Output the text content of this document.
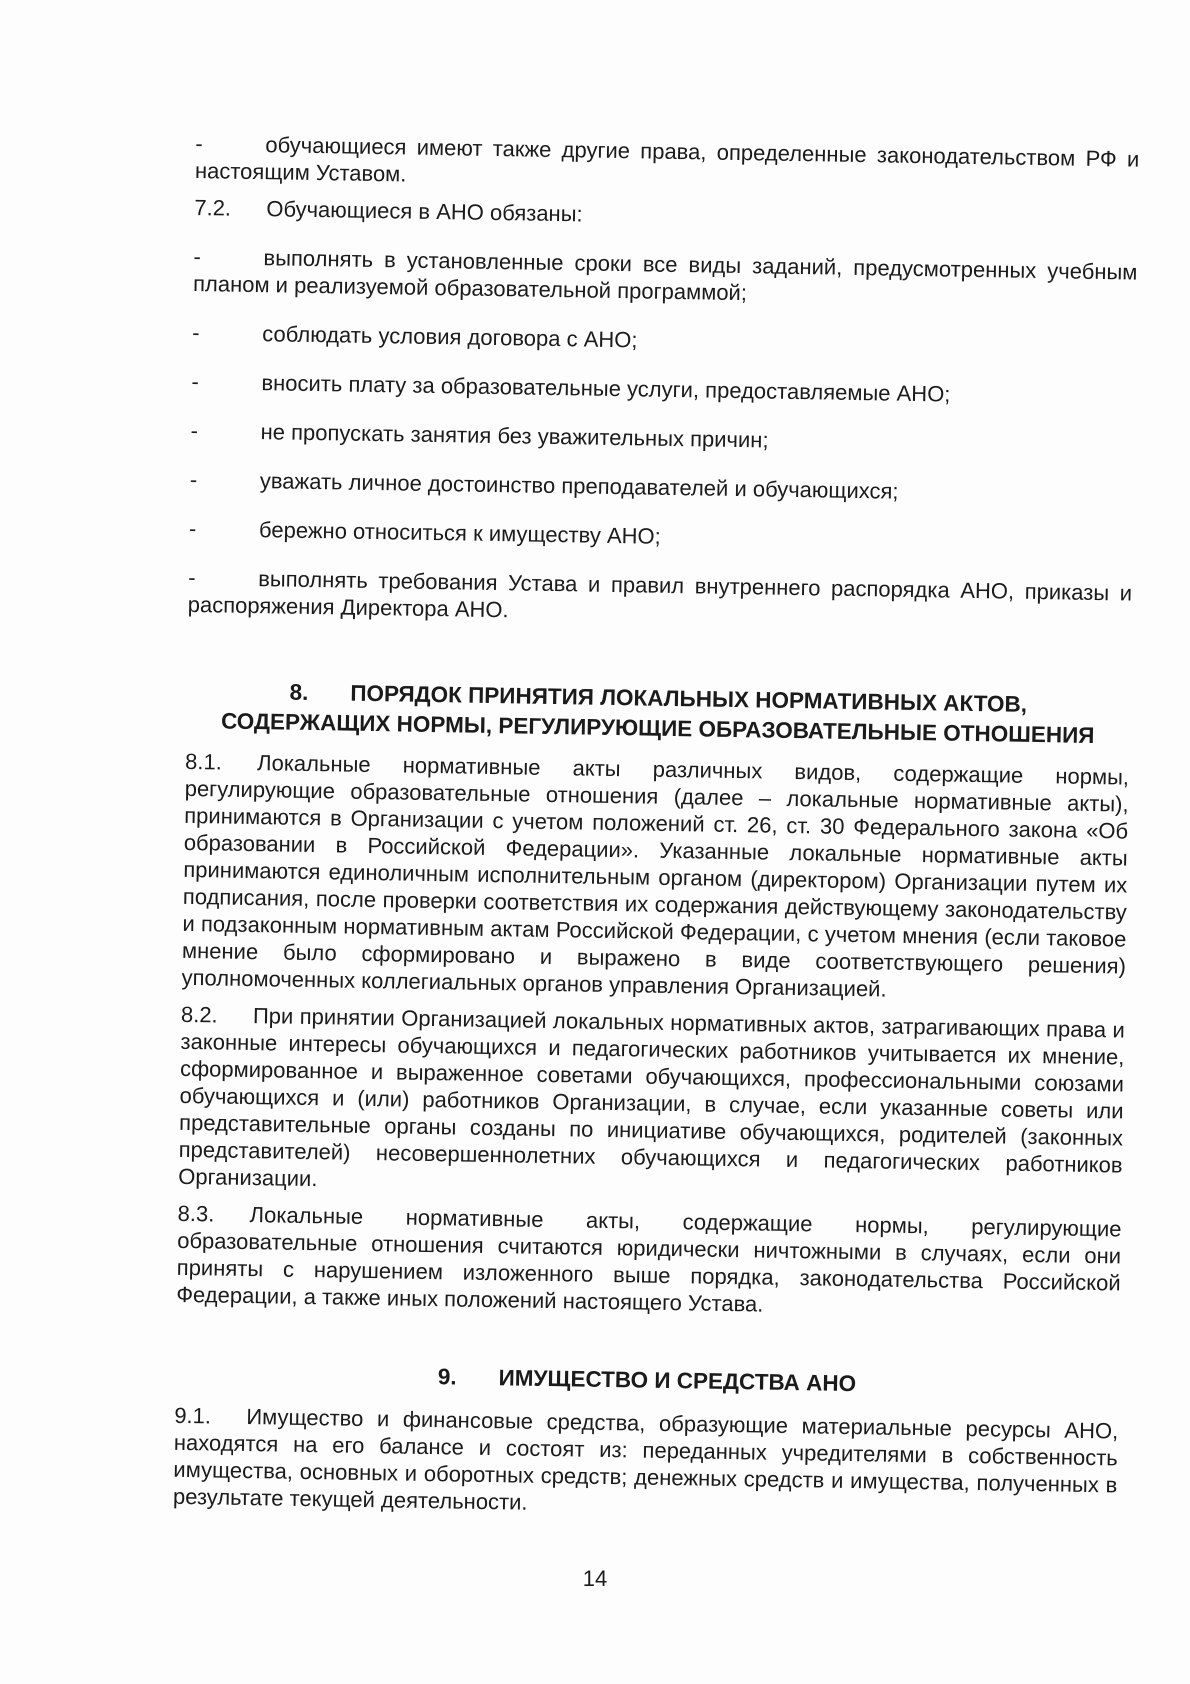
-	обучающиеся имеют также другие права, определенные законодательством РФ и настоящим Уставом.

7.2. Обучающиеся в АНО обязаны:

-	выполнять в установленные сроки все виды заданий, предусмотренных учебным планом и реализуемой образовательной программой;

-	соблюдать условия договора с АНО;

-	вносить плату за образовательные услуги, предоставляемые АНО;

-	не пропускать занятия без уважительных причин;

-	уважать личное достоинство преподавателей и обучающихся;

-	бережно относиться к имуществу АНО;

-	выполнять требования Устава и правил внутреннего распорядка АНО, приказы и распоряжения Директора АНО.

8. ПОРЯДОК ПРИНЯТИЯ ЛОКАЛЬНЫХ НОРМАТИВНЫХ АКТОВ,

СОДЕРЖАЩИХ НОРМЫ, РЕГУЛИРУЮЩИЕ ОБРАЗОВАТЕЛЬНЫЕ ОТНОШЕНИЯ

8.1. Локальные нормативные акты различных видов, содержащие нормы, регулирующие образовательные отношения (далее – локальные нормативные акты), принимаются в Организации с учетом положений ст. 26, ст. 30 Федерального закона «Об образовании в Российской Федерации». Указанные локальные нормативные акты принимаются единоличным исполнительным органом (директором) Организации путем их подписания, после проверки соответствия их содержания действующему законодательству и подзаконным нормативным актам Российской Федерации, с учетом мнения (если таковое мнение было сформировано и выражено в виде соответствующего решения) уполномоченных коллегиальных органов управления Организацией.

8.2. При принятии Организацией локальных нормативных актов, затрагивающих права и законные интересы обучающихся и педагогических работников учитывается их мнение, сформированное и выраженное советами обучающихся, профессиональными союзами обучающихся и (или) работников Организации, в случае, если указанные советы или представительные органы созданы по инициативе обучающихся, родителей (законных представителей) несовершеннолетних обучающихся и педагогических работников Организации.

8.3. Локальные нормативные акты, содержащие нормы, регулирующие образовательные отношения считаются юридически ничтожными в случаях, если они приняты с нарушением изложенного выше порядка, законодательства Российской Федерации, а также иных положений настоящего Устава.

9. ИМУЩЕСТВО И СРЕДСТВА АНО

9.1. Имущество и финансовые средства, образующие материальные ресурсы АНО, находятся на его балансе и состоят из: переданных учредителями в собственность имущества, основных и оборотных средств; денежных средств и имущества, полученных в результате текущей деятельности.

14
